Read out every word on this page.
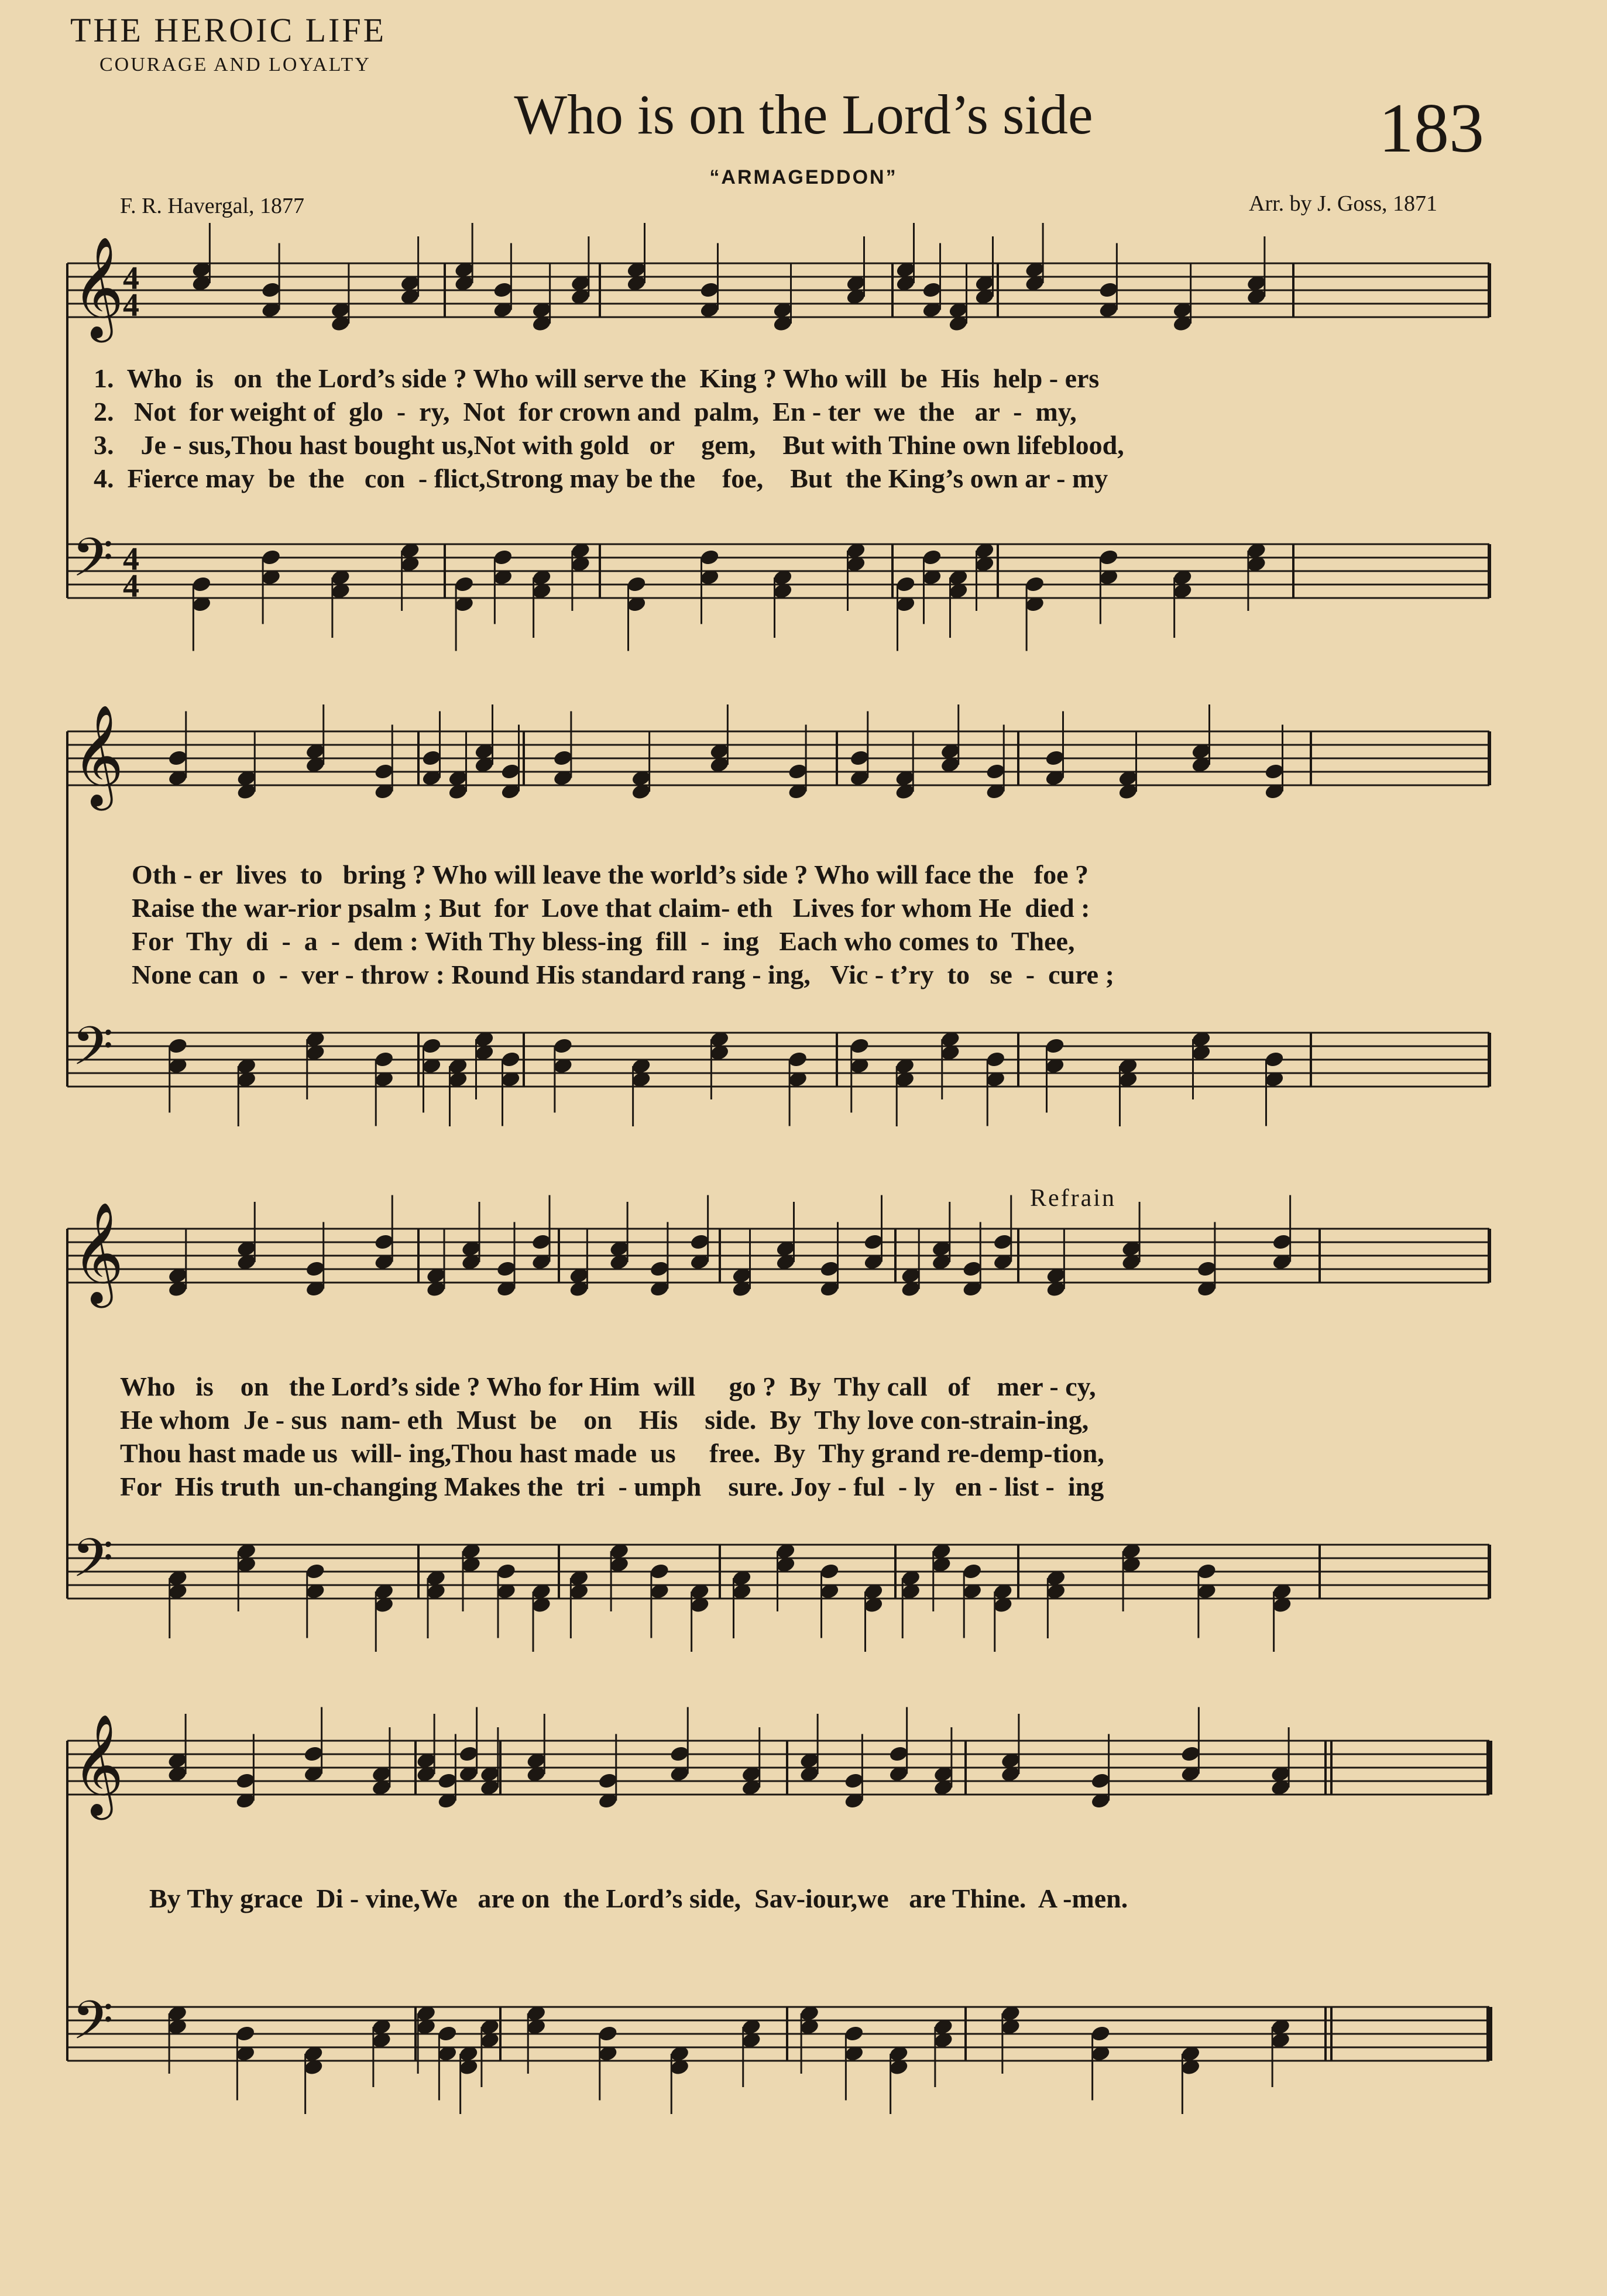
THE HEROIC LIFE
COURAGE AND LOYALTY
Who is on the Lord’s side	183
“ARMAGEDDON”
F. R. Havergal, 1877	Arr. by J. Goss, 1871
Refrain
𝄞
4
4
𝄢 4
4
𝄞
𝄢
𝄞
𝄢
𝄞
𝄢
1.  Who  is   on  the Lord’s side ? Who will serve the  King ? Who will  be  His  help - ers
2.   Not  for weight of  glo  -  ry,  Not  for crown and  palm,  En - ter  we  the   ar  -  my,
3.    Je - sus,Thou hast bought us,Not with gold   or    gem,    But with Thine own lifeblood,
4.  Fierce may  be  the   con  - flict,Strong may be the    foe,    But  the King’s own ar - my
Oth - er  lives  to   bring ? Who will leave the world’s side ? Who will face the   foe ?
Raise the war-rior psalm ; But  for  Love that claim- eth   Lives for whom He  died :
For  Thy  di  -  a  -  dem : With Thy bless-ing  fill  -  ing   Each who comes to  Thee,
None can  o  -  ver - throw : Round His standard rang - ing,   Vic - t’ry  to   se  -  cure ;
Who   is    on   the Lord’s side ? Who for Him  will     go ?  By  Thy call   of    mer - cy,
He whom  Je - sus  nam- eth  Must  be    on    His    side.  By  Thy love con-strain-ing,
Thou hast made us  will- ing,Thou hast made  us     free.  By  Thy grand re-demp-tion,
For  His truth  un-changing Makes the  tri  - umph    sure. Joy - ful  - ly   en - list -  ing
By Thy grace  Di - vine,We   are on  the Lord’s side,  Sav-iour,we   are Thine.  A -men.
